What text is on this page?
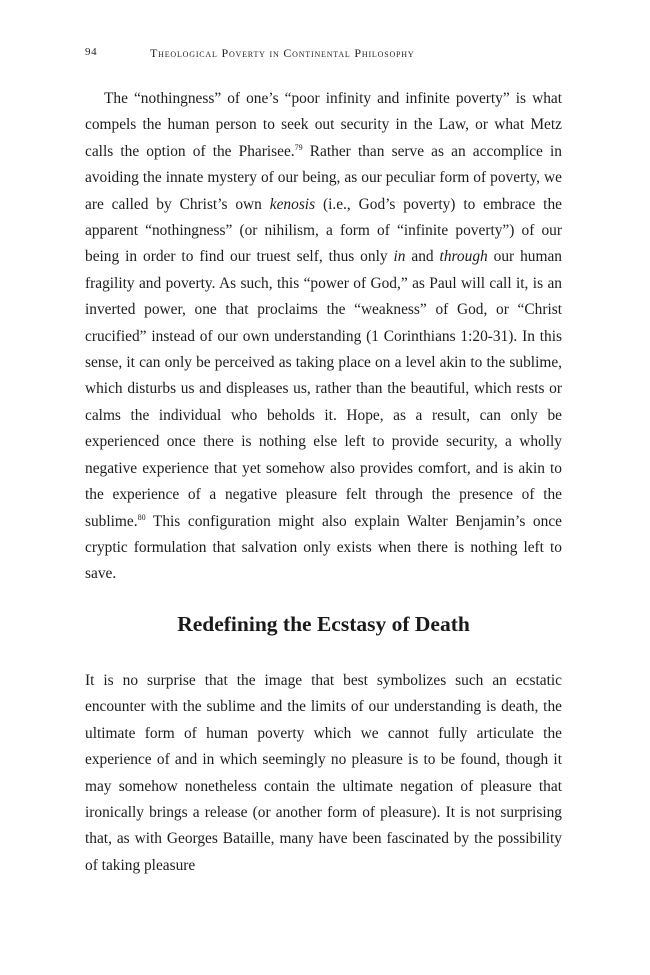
94	Theological Poverty in Continental Philosophy

The “nothingness” of one’s “poor infinity and infinite poverty” is what compels the human person to seek out security in the Law, or what Metz calls the option of the Pharisee.$^{79}$ Rather than serve as an accomplice in avoiding the innate mystery of our being, as our peculiar form of poverty, we are called by Christ’s own kenosis (i.e., God’s poverty) to embrace the apparent “nothingness” (or nihilism, a form of “infinite poverty”) of our being in order to find our truest self, thus only in and through our human fragility and poverty. As such, this “power of God,” as Paul will call it, is an inverted power, one that proclaims the “weakness” of God, or “Christ crucified” instead of our own understanding (1 Corinthians 1:20-31). In this sense, it can only be perceived as taking place on a level akin to the sublime, which disturbs us and displeases us, rather than the beautiful, which rests or calms the individual who beholds it. Hope, as a result, can only be experienced once there is nothing else left to provide security, a wholly negative experience that yet somehow also provides comfort, and is akin to the experience of a negative pleasure felt through the presence of the sublime.$^{80}$ This configuration might also explain Walter Benjamin’s once cryptic formulation that salvation only exists when there is nothing left to save.

Redefining the Ecstasy of Death

It is no surprise that the image that best symbolizes such an ecstatic encounter with the sublime and the limits of our understanding is death, the ultimate form of human poverty which we cannot fully articulate the experience of and in which seemingly no pleasure is to be found, though it may somehow nonetheless contain the ultimate negation of pleasure that ironically brings a release (or another form of pleasure). It is not surprising that, as with Georges Bataille, many have been fascinated by the possibility of taking pleasure
